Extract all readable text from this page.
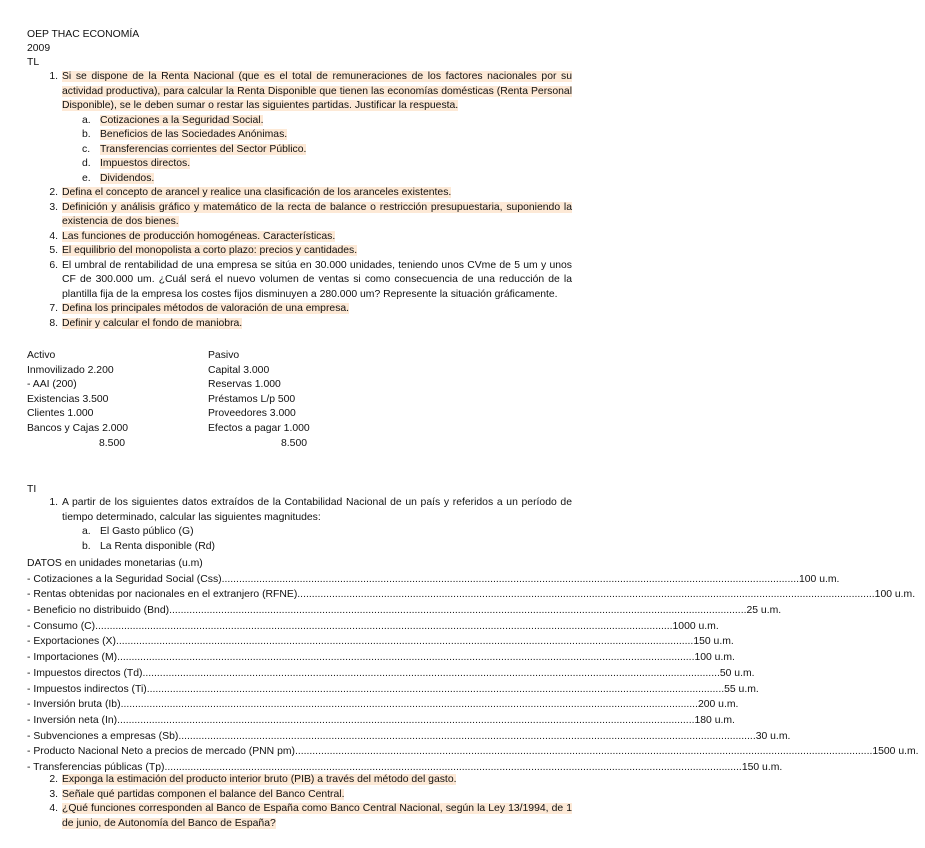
OEP THAC ECONOMÍA
2009
TL
1. Si se dispone de la Renta Nacional (que es el total de remuneraciones de los factores nacionales por su actividad productiva), para calcular la Renta Disponible que tienen las economías domésticas (Renta Personal Disponible), se le deben sumar o restar las siguientes partidas. Justificar la respuesta.
a. Cotizaciones a la Seguridad Social.
b. Beneficios de las Sociedades Anónimas.
c. Transferencias corrientes del Sector Público.
d. Impuestos directos.
e. Dividendos.
2. Defina el concepto de arancel y realice una clasificación de los aranceles existentes.
3. Definición y análisis gráfico y matemático de la recta de balance o restricción presupuestaria, suponiendo la existencia de dos bienes.
4. Las funciones de producción homogéneas. Características.
5. El equilibrio del monopolista a corto plazo: precios y cantidades.
6. El umbral de rentabilidad de una empresa se sitúa en 30.000 unidades, teniendo unos CVme de 5 um y unos CF de 300.000 um. ¿Cuál será el nuevo volumen de ventas si como consecuencia de una reducción de la plantilla fija de la empresa los costes fijos disminuyen a 280.000 um? Represente la situación gráficamente.
7. Defina los principales métodos de valoración de una empresa.
8. Definir y calcular el fondo de maniobra.
Activo	Pasivo
Inmovilizado 2.200	Capital 3.000
- AAI (200)	Reservas 1.000
Existencias 3.500	Préstamos L/p 500
Clientes 1.000	Proveedores 3.000
Bancos y Cajas 2.000	Efectos a pagar 1.000
8.500	8.500
TI
1. A partir de los siguientes datos extraídos de la Contabilidad Nacional de un país y referidos a un período de tiempo determinado, calcular las siguientes magnitudes:
a. El Gasto público (G)
b. La Renta disponible (Rd)
DATOS en unidades monetarias (u.m)
- Cotizaciones a la Seguridad Social (Css) ........................................................................................................................................................................................................ 100 u.m.
- Rentas obtenidas por nacionales en el extranjero (RFNE) ........................................................................................................................................................................................................ 100 u.m.
- Beneficio no distribuido (Bnd) ........................................................................................................................................................................................................ 25 u.m.
- Consumo (C) ........................................................................................................................................................................................................ 1000 u.m.
- Exportaciones (X) ........................................................................................................................................................................................................ 150 u.m.
- Importaciones (M) ........................................................................................................................................................................................................ 100 u.m.
- Impuestos directos (Td) ........................................................................................................................................................................................................ 50 u.m.
- Impuestos indirectos (Ti) ........................................................................................................................................................................................................ 55 u.m.
- Inversión bruta (Ib) ........................................................................................................................................................................................................ 200 u.m.
- Inversión neta (In) ........................................................................................................................................................................................................ 180 u.m.
- Subvenciones a empresas (Sb) ........................................................................................................................................................................................................ 30 u.m.
- Producto Nacional Neto a precios de mercado (PNN pm) ........................................................................................................................................................................................................ 1500 u.m.
- Transferencias públicas (Tp) ........................................................................................................................................................................................................ 150 u.m.
2. Exponga la estimación del producto interior bruto (PIB) a través del método del gasto.
3. Señale qué partidas componen el balance del Banco Central.
4. ¿Qué funciones corresponden al Banco de España como Banco Central Nacional, según la Ley 13/1994, de 1 de junio, de Autonomía del Banco de España?
